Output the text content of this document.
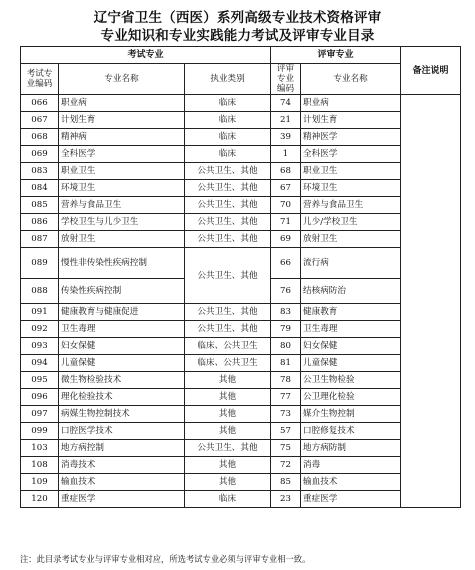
辽宁省卫生（西医）系列高级专业技术资格评审
专业知识和专业实践能力考试及评审专业目录
考试专业			评审专业		备注说明
考试专业编码	专业名称	执业类别	评审专业编码	专业名称	
066	职业病	临床	74	职业病	
067	计划生育	临床	21	计划生育	
068	精神病	临床	39	精神医学	
069	全科医学	临床	1	全科医学	
083	职业卫生	公共卫生、其他	68	职业卫生	
084	环境卫生	公共卫生、其他	67	环境卫生	
085	营养与食品卫生	公共卫生、其他	70	营养与食品卫生	
086	学校卫生与儿少卫生	公共卫生、其他	71	儿少/学校卫生	
087	放射卫生	公共卫生、其他	69	放射卫生	
089	慢性非传染性疾病控制	公共卫生、其他	66	流行病	
088	传染性疾病控制		76	结核病防治	
091	健康教育与健康促进	公共卫生、其他	83	健康教育	
092	卫生毒理	公共卫生、其他	79	卫生毒理	
093	妇女保健	临床、公共卫生	80	妇女保健	
094	儿童保健	临床、公共卫生	81	儿童保健	
095	微生物检验技术	其他	78	公卫生物检验	
096	理化检验技术	其他	77	公卫理化检验	
097	病媒生物控制技术	其他	73	媒介生物控制	
099	口腔医学技术	其他	57	口腔修复技术	
103	地方病控制	公共卫生、其他	75	地方病防制	
108	消毒技术	其他	72	消毒	
109	输血技术	其他	85	输血技术	
120	重症医学	临床	23	重症医学	
注：此目录考试专业与评审专业相对应，所选考试专业必须与评审专业相一致。
